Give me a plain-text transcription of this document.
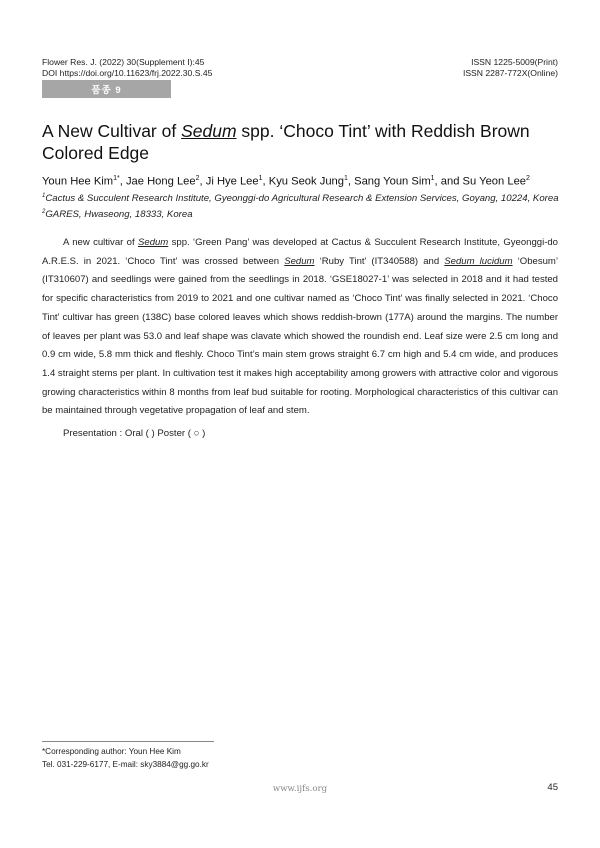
Flower Res. J. (2022) 30(Supplement I):45
DOI https://doi.org/10.11623/frj.2022.30.S.45
ISSN 1225-5009(Print)
ISSN 2287-772X(Online)
품종 9
A New Cultivar of Sedum spp. ‘Choco Tint’ with Reddish Brown Colored Edge
Youn Hee Kim$^{1*}$, Jae Hong Lee$^2$, Ji Hye Lee$^1$, Kyu Seok Jung$^1$, Sang Youn Sim$^1$, and Su Yeon Lee$^2$
$^1$Cactus & Succulent Research Institute, Gyeonggi-do Agricultural Research & Extension Services, Goyang, 10224, Korea
$^2$GARES, Hwaseong, 18333, Korea
A new cultivar of Sedum spp. ‘Green Pang’ was developed at Cactus & Succulent Research Institute, Gyeonggi-do A.R.E.S. in 2021. ‘Choco Tint’ was crossed between Sedum ‘Ruby Tint’ (IT340588) and Sedum lucidum ‘Obesum’ (IT310607) and seedlings were gained from the seedlings in 2018. ‘GSE18027-1’ was selected in 2018 and it had tested for specific characteristics from 2019 to 2021 and one cultivar named as ‘Choco Tint’ was finally selected in 2021. ‘Choco Tint’ cultivar has green (138C) base colored leaves which shows reddish-brown (177A) around the margins. The number of leaves per plant was 53.0 and leaf shape was clavate which showed the roundish end. Leaf size were 2.5 cm long and 0.9 cm wide, 5.8 mm thick and fleshly. Choco Tint’s main stem grows straight 6.7 cm high and 5.4 cm wide, and produces 1.4 straight stems per plant. In cultivation test it makes high acceptability among growers with attractive color and vigorous growing characteristics within 8 months from leaf bud suitable for rooting. Morphological characteristics of this cultivar can be maintained through vegetative propagation of leaf and stem.
Presentation : Oral ( ) Poster ( ○ )
*Corresponding author: Youn Hee Kim
Tel. 031-229-6177, E-mail: sky3884@gg.go.kr
www.ijfs.org	45
